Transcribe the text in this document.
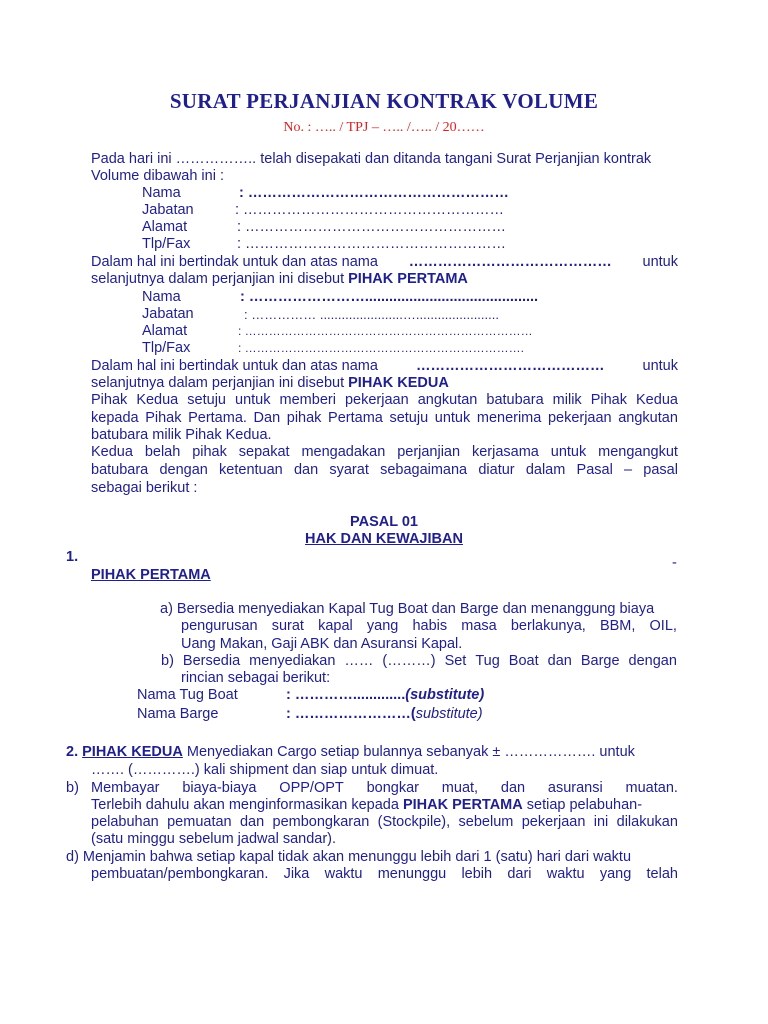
SURAT PERJANJIAN KONTRAK VOLUME
No. : ….. / TPJ – ….. /….. / 20……
Pada hari ini …………….. telah disepakati dan ditanda tangani Surat Perjanjian kontrak
Volume dibawah ini :
Nama	: ………………………………………………
Jabatan	: ………………………………………………
Alamat	: ………………………………………………
Tlp/Fax	: ………………………………………………
Dalam hal ini bertindak untuk dan atas nama …………………………………… untuk
selanjutnya dalam perjanjian ini disebut PIHAK PERTAMA
Nama	: ……………………...........................................
Jabatan	: …………… .......................….......................
Alamat	: ………………………………………………………………
Tlp/Fax	: …………………………………………………………….
Dalam hal ini bertindak untuk dan atas nama	…………………………………	untuk
selanjutnya dalam perjanjian ini disebut PIHAK KEDUA
Pihak Kedua setuju untuk memberi pekerjaan angkutan batubara milik Pihak Kedua
kepada Pihak Pertama. Dan pihak Pertama setuju untuk menerima pekerjaan angkutan
batubara milik Pihak Kedua.
Kedua belah pihak sepakat mengadakan perjanjian kerjasama untuk mengangkut
batubara dengan ketentuan dan syarat sebagaimana diatur dalam Pasal – pasal
sebagai berikut :
PASAL 01
HAK DAN KEWAJIBAN
1.	-
PIHAK PERTAMA
a) Bersedia menyediakan Kapal Tug Boat dan Barge dan menanggung biaya
pengurusan surat kapal yang habis masa berlakunya, BBM, OIL,
Uang Makan, Gaji ABK dan Asuransi Kapal.
b) Bersedia menyediakan …… (………) Set Tug Boat dan Barge dengan
rincian sebagai berikut:
Nama Tug Boat	: ………….............(substitute)
Nama Barge	: ……………………(substitute)
2. PIHAK KEDUA Menyediakan Cargo setiap bulannya sebanyak ± ………………. untuk
……. (………….) kali shipment dan siap untuk dimuat.
b) Membayar biaya-biaya OPP/OPT bongkar muat, dan asuransi muatan.
Terlebih dahulu akan menginformasikan kepada PIHAK PERTAMA setiap pelabuhan-
pelabuhan pemuatan dan pembongkaran (Stockpile), sebelum pekerjaan ini dilakukan
(satu minggu sebelum jadwal sandar).
d) Menjamin bahwa setiap kapal tidak akan menunggu lebih dari 1 (satu) hari dari waktu
pembuatan/pembongkaran. Jika waktu menunggu lebih dari waktu yang telah
